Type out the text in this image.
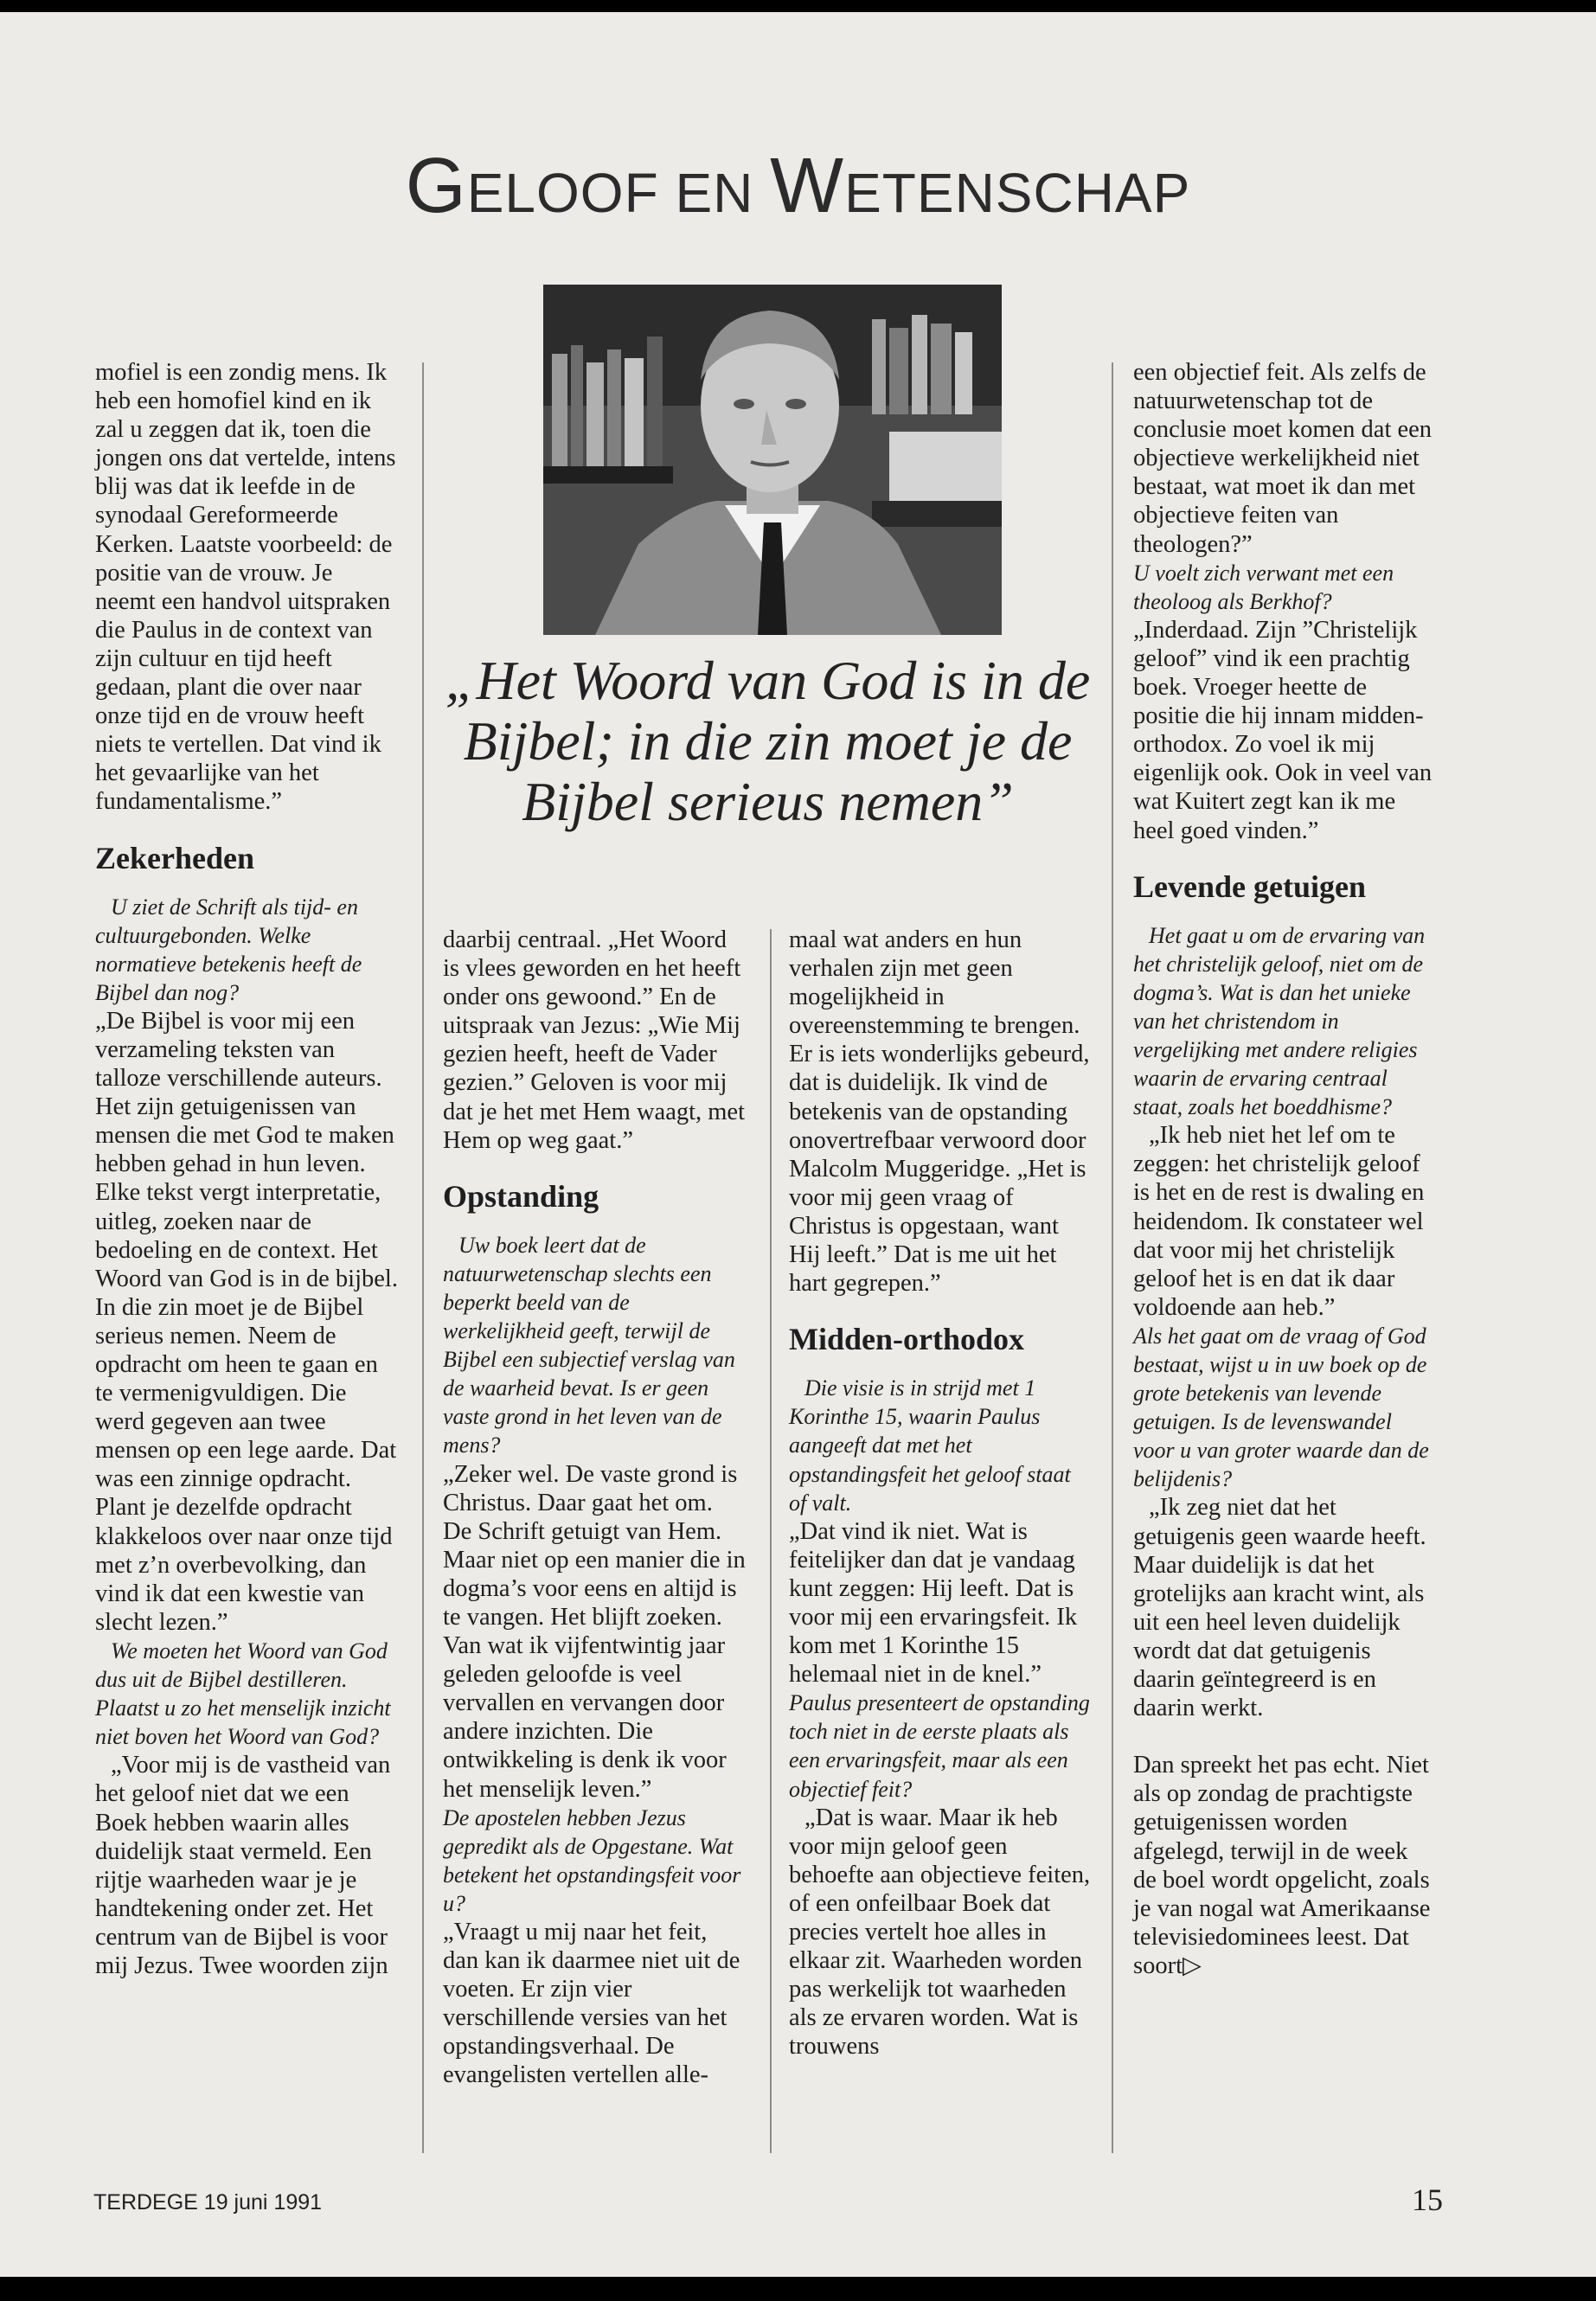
GELOOF EN WETENSCHAP
„Het Woord van God is in de Bijbel; in die zin moet je de Bijbel serieus nemen”

mofiel is een zondig mens. Ik heb een homofiel kind en ik zal u zeggen dat ik, toen die jongen ons dat vertelde, intens blij was dat ik leefde in de synodaal Gereformeerde Kerken. Laatste voorbeeld: de positie van de vrouw. Je neemt een handvol uitspraken die Paulus in de context van zijn cultuur en tijd heeft gedaan, plant die over naar onze tijd en de vrouw heeft niets te vertellen. Dat vind ik het gevaarlijke van het fundamentalisme.”

Zekerheden

U ziet de Schrift als tijd- en cultuurgebonden. Welke normatieve betekenis heeft de Bijbel dan nog?

„De Bijbel is voor mij een verzameling teksten van talloze verschillende auteurs. Het zijn getuigenissen van mensen die met God te maken hebben gehad in hun leven. Elke tekst vergt interpretatie, uitleg, zoeken naar de bedoeling en de context. Het Woord van God is in de bijbel. In die zin moet je de Bijbel serieus nemen. Neem de opdracht om heen te gaan en te vermenigvuldigen. Die werd gegeven aan twee mensen op een lege aarde. Dat was een zinnige opdracht. Plant je dezelfde opdracht klakkeloos over naar onze tijd met z’n overbevolking, dan vind ik dat een kwestie van slecht lezen.”

We moeten het Woord van God dus uit de Bijbel destilleren. Plaatst u zo het menselijk inzicht niet boven het Woord van God?

„Voor mij is de vastheid van het geloof niet dat we een Boek hebben waarin alles duidelijk staat vermeld. Een rijtje waarheden waar je je handtekening onder zet. Het centrum van de Bijbel is voor mij Jezus. Twee woorden zijn

daarbij centraal. „Het Woord is vlees geworden en het heeft onder ons gewoond.” En de uitspraak van Jezus: „Wie Mij gezien heeft, heeft de Vader gezien.” Geloven is voor mij dat je het met Hem waagt, met Hem op weg gaat.”

Opstanding

Uw boek leert dat de natuurwetenschap slechts een beperkt beeld van de werkelijkheid geeft, terwijl de Bijbel een subjectief verslag van de waarheid bevat. Is er geen vaste grond in het leven van de mens?

„Zeker wel. De vaste grond is Christus. Daar gaat het om. De Schrift getuigt van Hem. Maar niet op een manier die in dogma’s voor eens en altijd is te vangen. Het blijft zoeken. Van wat ik vijfentwintig jaar geleden geloofde is veel vervallen en vervangen door andere inzichten. Die ontwikkeling is denk ik voor het menselijk leven.”

De apostelen hebben Jezus gepredikt als de Opgestane. Wat betekent het opstandingsfeit voor u?

„Vraagt u mij naar het feit, dan kan ik daarmee niet uit de voeten. Er zijn vier verschillende versies van het opstandingsverhaal. De evangelisten vertellen alle-

maal wat anders en hun verhalen zijn met geen mogelijkheid in overeenstemming te brengen. Er is iets wonderlijks gebeurd, dat is duidelijk. Ik vind de betekenis van de opstanding onovertrefbaar verwoord door Malcolm Muggeridge. „Het is voor mij geen vraag of Christus is opgestaan, want Hij leeft.” Dat is me uit het hart gegrepen.”

Midden-orthodox

Die visie is in strijd met 1 Korinthe 15, waarin Paulus aangeeft dat met het opstandingsfeit het geloof staat of valt.

„Dat vind ik niet. Wat is feitelijker dan dat je vandaag kunt zeggen: Hij leeft. Dat is voor mij een ervaringsfeit. Ik kom met 1 Korinthe 15 helemaal niet in de knel.”

Paulus presenteert de opstanding toch niet in de eerste plaats als een ervaringsfeit, maar als een objectief feit?

„Dat is waar. Maar ik heb voor mijn geloof geen behoefte aan objectieve feiten, of een onfeilbaar Boek dat precies vertelt hoe alles in elkaar zit. Waarheden worden pas werkelijk tot waarheden als ze ervaren worden. Wat is trouwens

een objectief feit. Als zelfs de natuurwetenschap tot de conclusie moet komen dat een objectieve werkelijkheid niet bestaat, wat moet ik dan met objectieve feiten van theologen?”

U voelt zich verwant met een theoloog als Berkhof?

„Inderdaad. Zijn ”Christelijk geloof” vind ik een prachtig boek. Vroeger heette de positie die hij innam midden-orthodox. Zo voel ik mij eigenlijk ook. Ook in veel van wat Kuitert zegt kan ik me heel goed vinden.”

Levende getuigen

Het gaat u om de ervaring van het christelijk geloof, niet om de dogma’s. Wat is dan het unieke van het christendom in vergelijking met andere religies waarin de ervaring centraal staat, zoals het boeddhisme?

„Ik heb niet het lef om te zeggen: het christelijk geloof is het en de rest is dwaling en heidendom. Ik constateer wel dat voor mij het christelijk geloof het is en dat ik daar voldoende aan heb.”

Als het gaat om de vraag of God bestaat, wijst u in uw boek op de grote betekenis van levende getuigen. Is de levenswandel voor u van groter waarde dan de belijdenis?

„Ik zeg niet dat het getuigenis geen waarde heeft. Maar duidelijk is dat het grotelijks aan kracht wint, als uit een heel leven duidelijk wordt dat dat getuigenis daarin geïntegreerd is en daarin werkt.

Dan spreekt het pas echt. Niet als op zondag de prachtigste getuigenissen worden afgelegd, terwijl in de week de boel wordt opgelicht, zoals je van nogal wat Amerikaanse televisiedominees leest. Dat soort▷

TERDEGE 19 juni 1991	15
